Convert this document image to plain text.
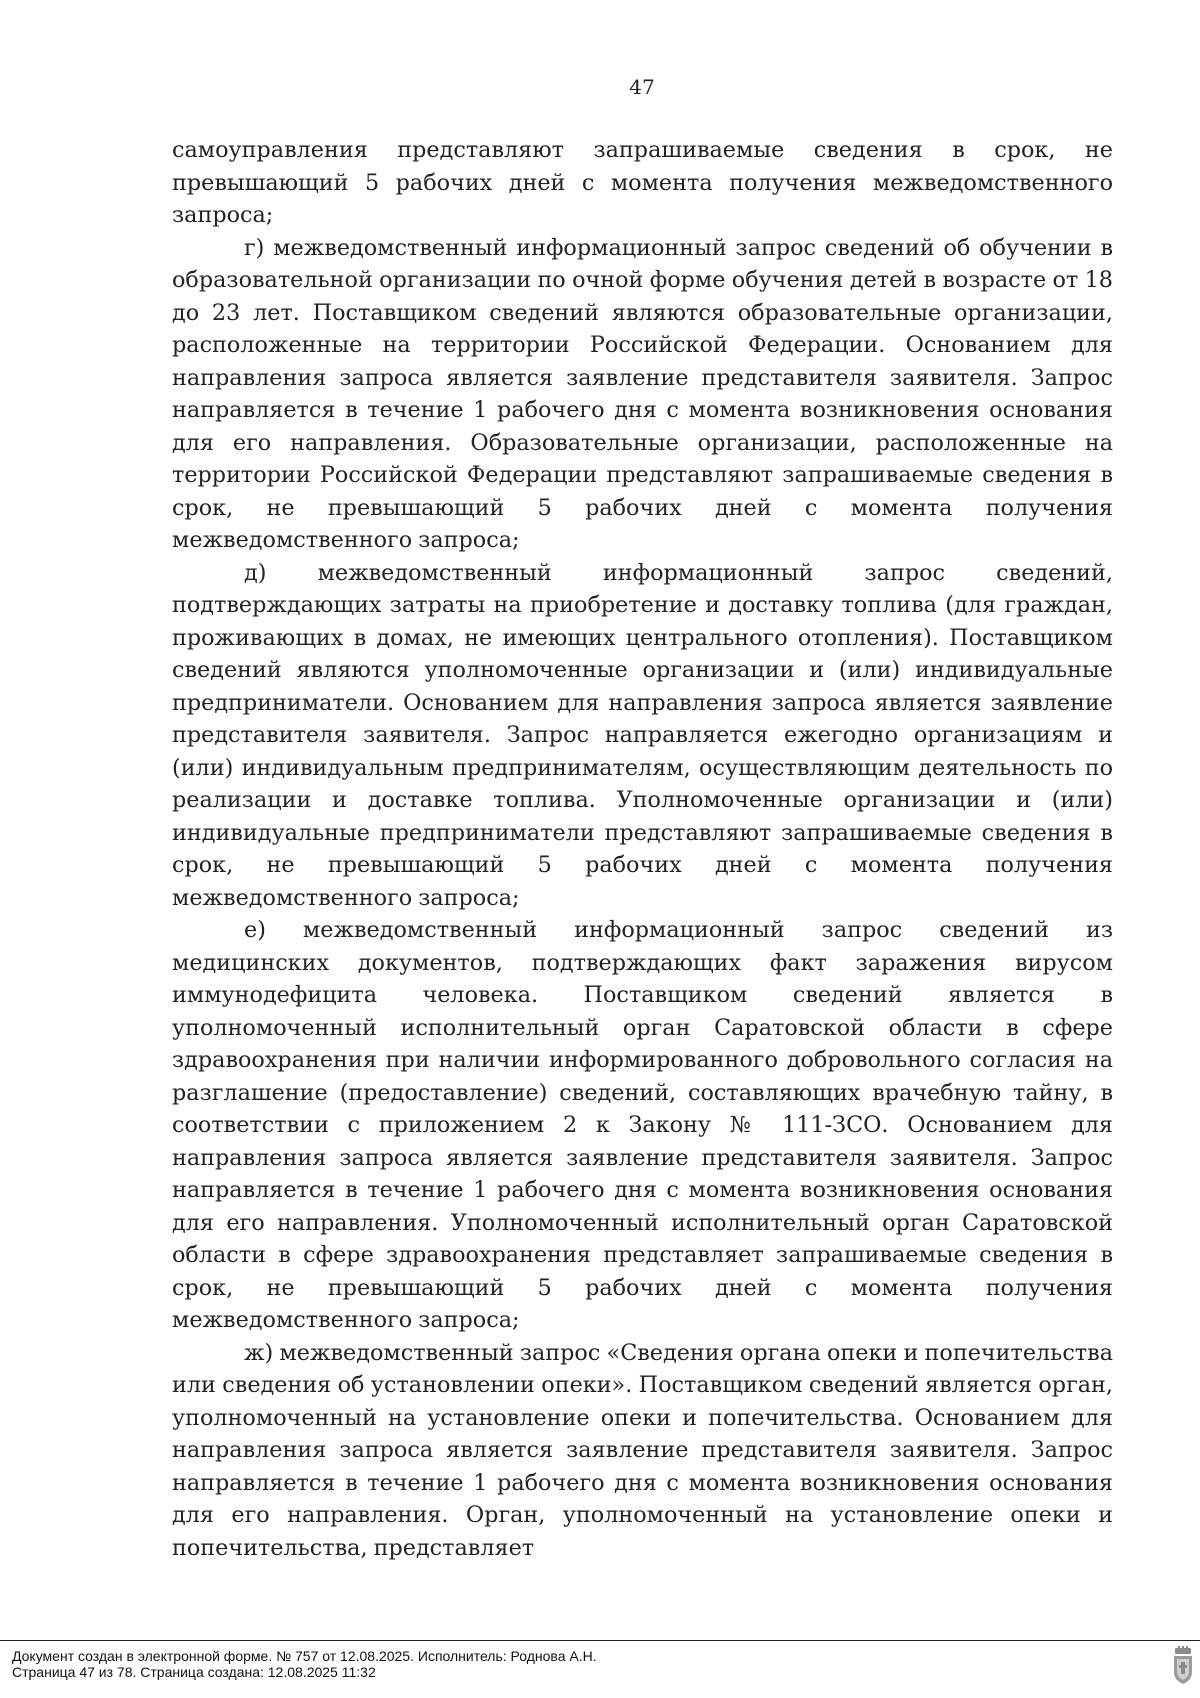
47

самоуправления представляют запрашиваемые сведения в срок, не превышающий 5 рабочих дней с момента получения межведомственного запроса;

г) межведомственный информационный запрос сведений об обучении в образовательной организации по очной форме обучения детей в возрасте от 18 до 23 лет. Поставщиком сведений являются образовательные организации, расположенные на территории Российской Федерации. Основанием для направления запроса является заявление представителя заявителя. Запрос направляется в течение 1 рабочего дня с момента возникновения основания для его направления. Образовательные организации, расположенные на территории Российской Федерации представляют запрашиваемые сведения в срок, не превышающий 5 рабочих дней с момента получения межведомственного запроса;

д) межведомственный информационный запрос сведений, подтверждающих затраты на приобретение и доставку топлива (для граждан, проживающих в домах, не имеющих центрального отопления). Поставщиком сведений являются уполномоченные организации и (или) индивидуальные предприниматели. Основанием для направления запроса является заявление представителя заявителя. Запрос направляется ежегодно организациям и (или) индивидуальным предпринимателям, осуществляющим деятельность по реализации и доставке топлива. Уполномоченные организации и (или) индивидуальные предприниматели представляют запрашиваемые сведения в срок, не превышающий 5 рабочих дней с момента получения межведомственного запроса;

е) межведомственный информационный запрос сведений из медицинских документов, подтверждающих факт заражения вирусом иммунодефицита человека. Поставщиком сведений является в уполномоченный исполнительный орган Саратовской области в сфере здравоохранения при наличии информированного добровольного согласия на разглашение (предоставление) сведений, составляющих врачебную тайну, в соответствии с приложением 2 к Закону № 111-ЗСО. Основанием для направления запроса является заявление представителя заявителя. Запрос направляется в течение 1 рабочего дня с момента возникновения основания для его направления. Уполномоченный исполнительный орган Саратовской области в сфере здравоохранения представляет запрашиваемые сведения в срок, не превышающий 5 рабочих дней с момента получения межведомственного запроса;

ж) межведомственный запрос «Сведения органа опеки и попечительства или сведения об установлении опеки». Поставщиком сведений является орган, уполномоченный на установление опеки и попечительства. Основанием для направления запроса является заявление представителя заявителя. Запрос направляется в течение 1 рабочего дня с момента возникновения основания для его направления. Орган, уполномоченный на установление опеки и попечительства, представляет

Документ создан в электронной форме. № 757 от 12.08.2025. Исполнитель: Роднова А.Н.
Страница 47 из 78. Страница создана: 12.08.2025 11:32
